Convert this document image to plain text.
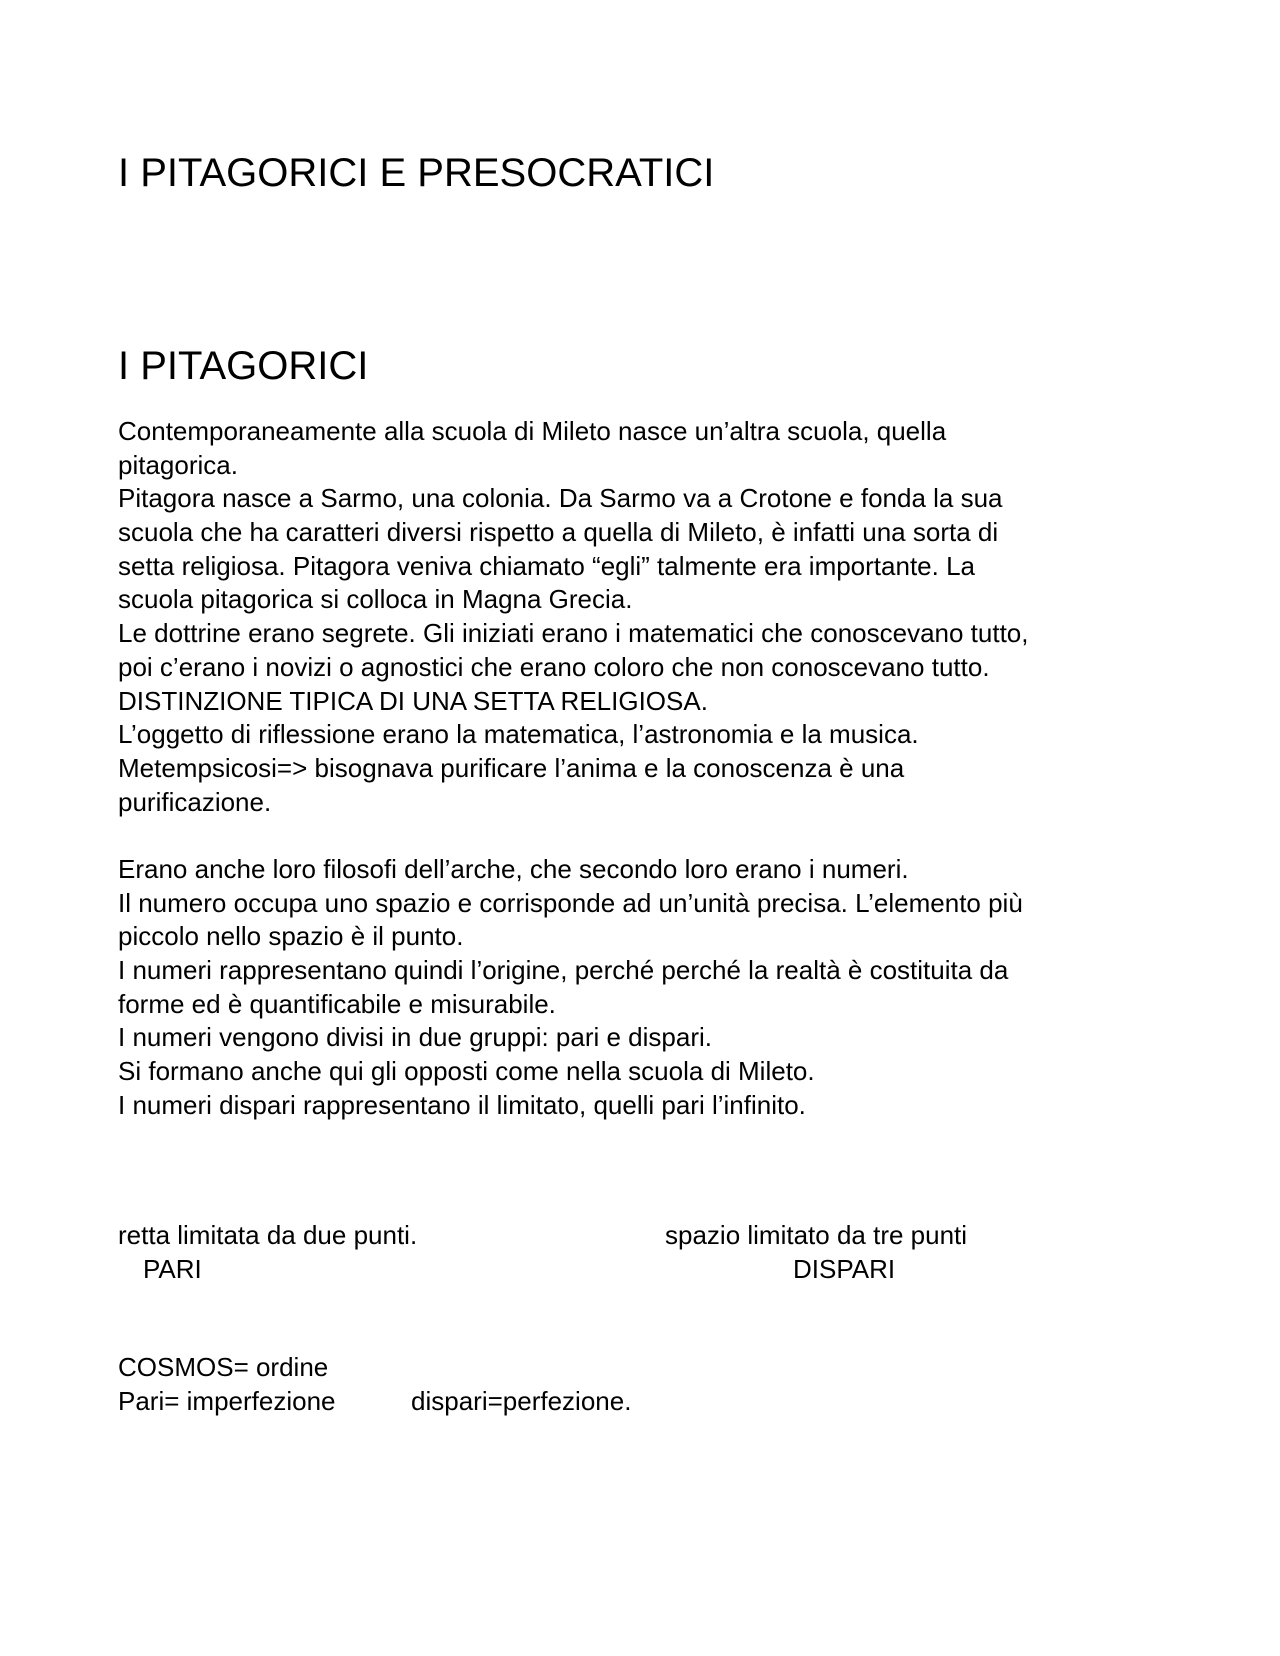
I PITAGORICI E PRESOCRATICI
I PITAGORICI
Contemporaneamente alla scuola di Mileto nasce un’altra scuola, quella
pitagorica.
Pitagora nasce a Sarmo, una colonia. Da Sarmo va a Crotone e fonda la sua
scuola che ha caratteri diversi rispetto a quella di Mileto, è infatti una sorta di
setta religiosa. Pitagora veniva chiamato “egli” talmente era importante. La
scuola pitagorica si colloca in Magna Grecia.
Le dottrine erano segrete. Gli iniziati erano i matematici che conoscevano tutto,
poi c’erano i novizi o agnostici che erano coloro che non conoscevano tutto.
DISTINZIONE TIPICA DI UNA SETTA RELIGIOSA.
L’oggetto di riflessione erano la matematica, l’astronomia e la musica.
Metempsicosi=> bisognava purificare l’anima e la conoscenza è una
purificazione.
Erano anche loro filosofi dell’arche, che secondo loro erano i numeri.
Il numero occupa uno spazio e corrisponde ad un’unità precisa. L’elemento più
piccolo nello spazio è il punto.
I numeri rappresentano quindi l’origine, perché perché la realtà è costituita da
forme ed è quantificabile e misurabile.
I numeri vengono divisi in due gruppi: pari e dispari.
Si formano anche qui gli opposti come nella scuola di Mileto.
I numeri dispari rappresentano il limitato, quelli pari l’infinito.
retta limitata da due punti.
PARI
spazio limitato da tre punti
DISPARI
COSMOS= ordine
Pari= imperfezione	dispari=perfezione.
